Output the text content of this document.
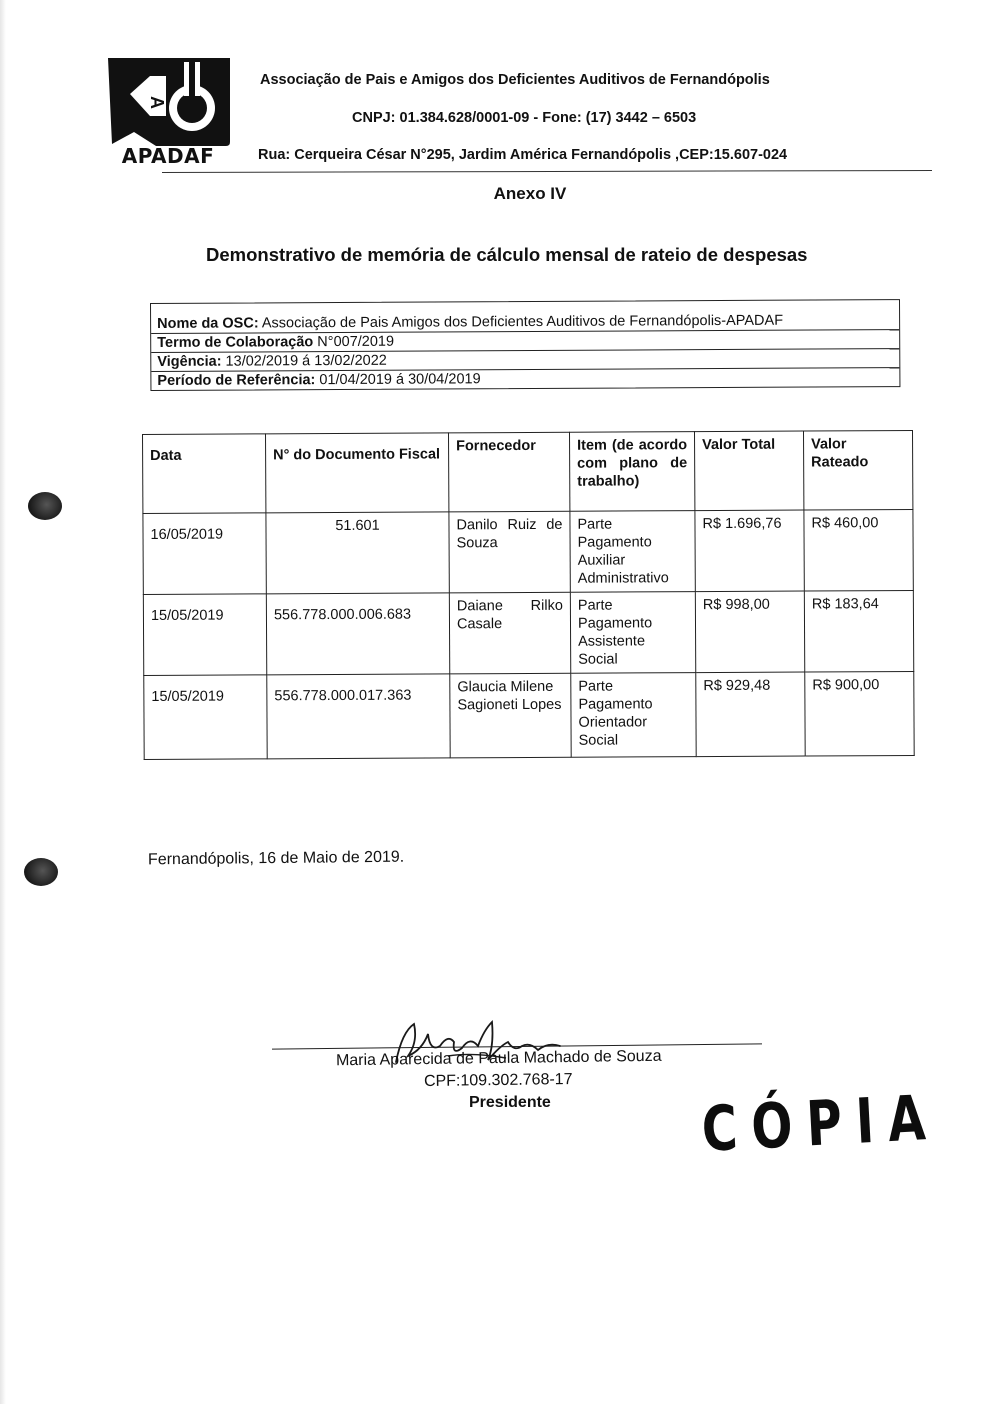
A
APADAF
Associação de Pais e Amigos dos Deficientes Auditivos de Fernandópolis
CNPJ: 01.384.628/0001-09 - Fone: (17) 3442 – 6503
Rua: Cerqueira César N°295, Jardim América Fernandópolis ,CEP:15.607-024
Anexo IV
Demonstrativo de memória de cálculo mensal de rateio de despesas
Nome da OSC: Associação de Pais Amigos dos Deficientes Auditivos de Fernandópolis-APADAF
Termo de Colaboração N°007/2019
Vigência: 13/02/2019 á 13/02/2022
Período de Referência: 01/04/2019 á 30/04/2019
Data	N° do Documento Fiscal	Fornecedor	Item (de acordo com plano de trabalho)	Valor Total	Valor Rateado
16/05/2019	51.601	Danilo Ruiz de Souza	Parte Pagamento Auxiliar Administrativo	R$ 1.696,76	R$ 460,00
15/05/2019	556.778.000.006.683	Daiane Rilko Casale	Parte Pagamento Assistente Social	R$ 998,00	R$ 183,64
15/05/2019	556.778.000.017.363	Glaucia Milene Sagioneti Lopes	Parte Pagamento Orientador Social	R$ 929,48	R$ 900,00
Fernandópolis, 16 de Maio de 2019.
Maria Aparecida de Paula Machado de Souza
CPF:109.302.768-17
Presidente CÓPIA
